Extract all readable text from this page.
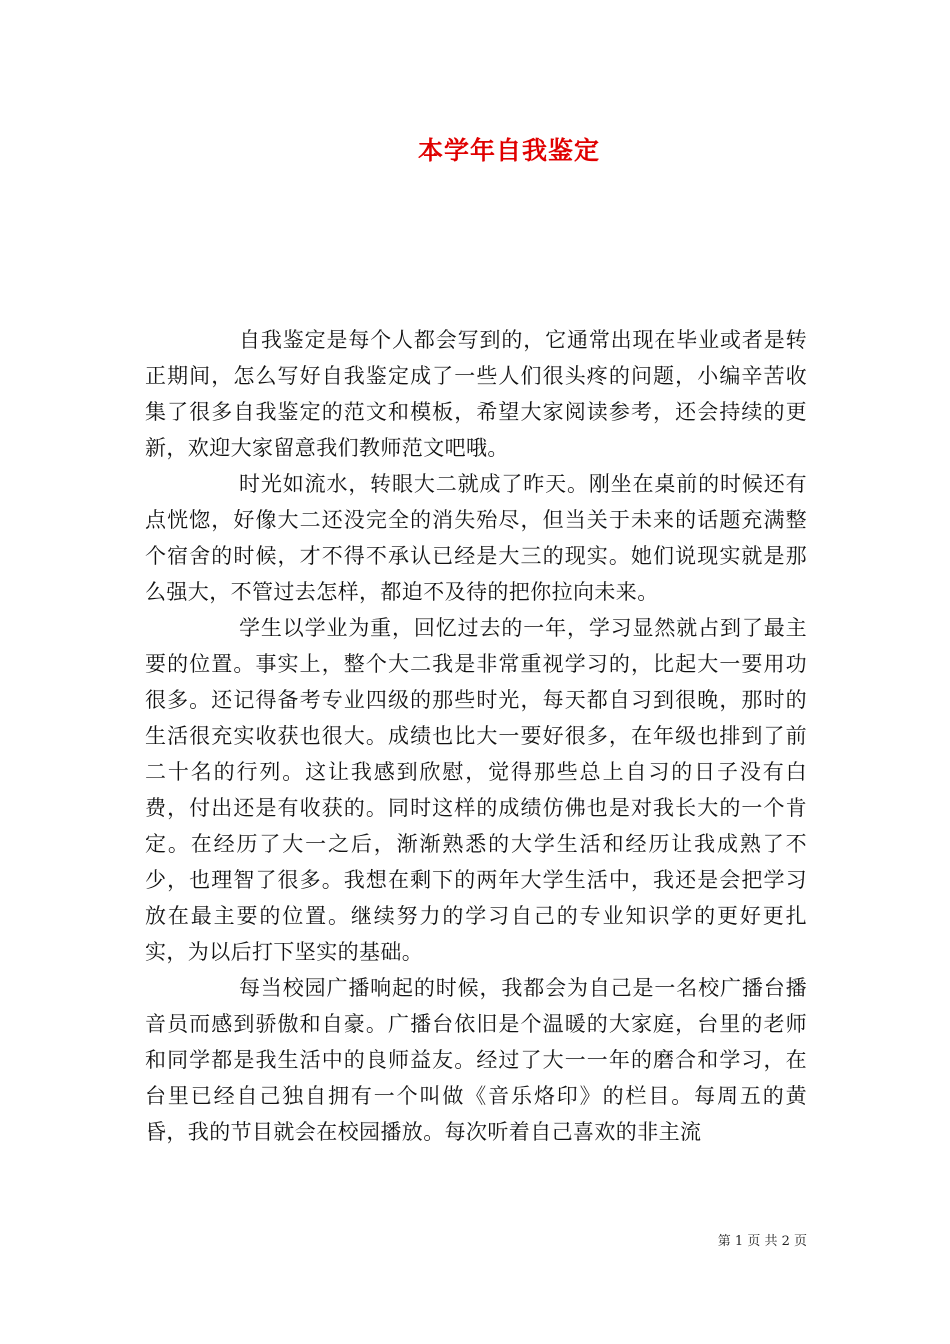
本学年自我鉴定

自我鉴定是每个人都会写到的，它通常出现在毕业或者是转正期间，怎么写好自我鉴定成了一些人们很头疼的问题，小编辛苦收集了很多自我鉴定的范文和模板，希望大家阅读参考，还会持续的更新，欢迎大家留意我们教师范文吧哦。

时光如流水，转眼大二就成了昨天。刚坐在桌前的时候还有点恍惚，好像大二还没完全的消失殆尽，但当关于未来的话题充满整个宿舍的时候，才不得不承认已经是大三的现实。她们说现实就是那么强大，不管过去怎样，都迫不及待的把你拉向未来。

学生以学业为重，回忆过去的一年，学习显然就占到了最主要的位置。事实上，整个大二我是非常重视学习的，比起大一要用功很多。还记得备考专业四级的那些时光，每天都自习到很晚，那时的生活很充实收获也很大。成绩也比大一要好很多，在年级也排到了前二十名的行列。这让我感到欣慰，觉得那些总上自习的日子没有白费，付出还是有收获的。同时这样的成绩仿佛也是对我长大的一个肯定。在经历了大一之后，渐渐熟悉的大学生活和经历让我成熟了不少，也理智了很多。我想在剩下的两年大学生活中，我还是会把学习放在最主要的位置。继续努力的学习自己的专业知识学的更好更扎实，为以后打下坚实的基础。

每当校园广播响起的时候，我都会为自己是一名校广播台播音员而感到骄傲和自豪。广播台依旧是个温暖的大家庭，台里的老师和同学都是我生活中的良师益友。经过了大一一年的磨合和学习，在台里已经自己独自拥有一个叫做《音乐烙印》的栏目。每周五的黄昏，我的节目就会在校园播放。每次听着自己喜欢的非主流

第 1 页 共 2 页
